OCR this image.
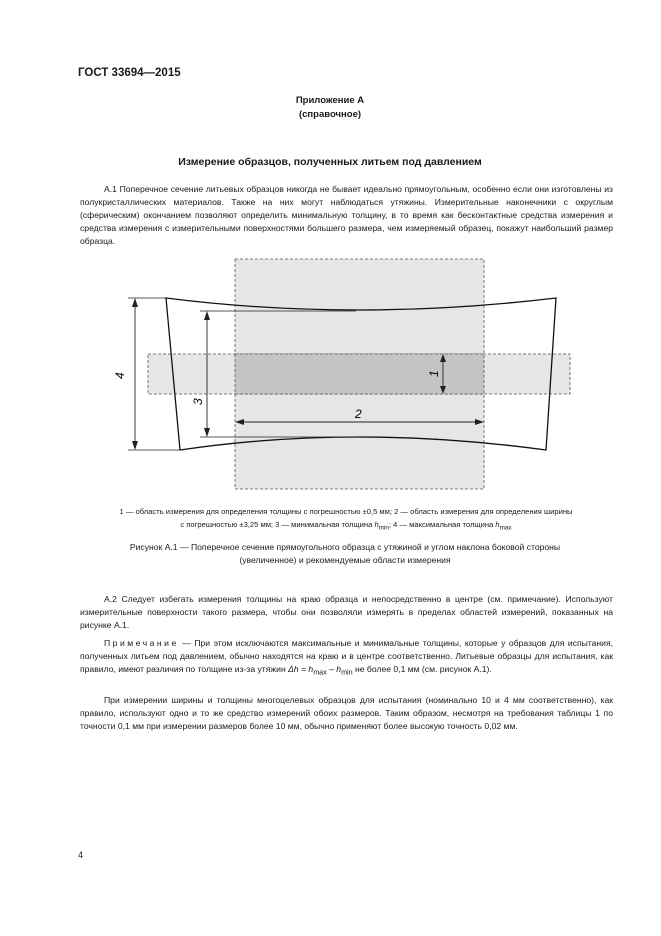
ГОСТ 33694—2015
Приложение А
(справочное)
Измерение образцов, полученных литьем под давлением
А.1 Поперечное сечение литьевых образцов никогда не бывает идеально прямоугольным, особенно если они изготовлены из полукристаллических материалов. Также на них могут наблюдаться утяжины. Измерительные наконечники с округлым (сферическим) окончанием позволяют определить минимальную толщину, в то время как бесконтактные средства измерения и средства измерения с измерительными поверхностями большего размера, чем измеряемый образец, покажут наибольший размер образца.
4
3
1
2
1 — область измерения для определения толщины с погрешностью ±0,5 мм; 2 — область измерения для определения ширины
с погрешностью ±3,25 мм; 3 — минимальная толщина $h_{min}$; 4 — максимальная толщина $h_{max}$
Рисунок А.1 — Поперечное сечение прямоугольного образца с утяжиной и углом наклона боковой стороны
(увеличенное) и рекомендуемые области измерения
А.2 Следует избегать измерения толщины на краю образца и непосредственно в центре (см. примечание). Используют измерительные поверхности такого размера, чтобы они позволяли измерять в пределах областей измерений, показанных на рисунке А.1.
Примечание — При этом исключаются максимальные и минимальные толщины, которые у образцов для испытания, полученных литьем под давлением, обычно находятся на краю и в центре соответственно. Литьевые образцы для испытания, как правило, имеют различия по толщине из-за утяжин $\Delta h = h_{max} - h_{min}$ не более 0,1 мм (см. рисунок А.1).
При измерении ширины и толщины многоцелевых образцов для испытания (номинально 10 и 4 мм соответственно), как правило, используют одно и то же средство измерений обоих размеров. Таким образом, несмотря на требования таблицы 1 по точности 0,1 мм при измерении размеров более 10 мм, обычно применяют более высокую точность 0,02 мм.
4
